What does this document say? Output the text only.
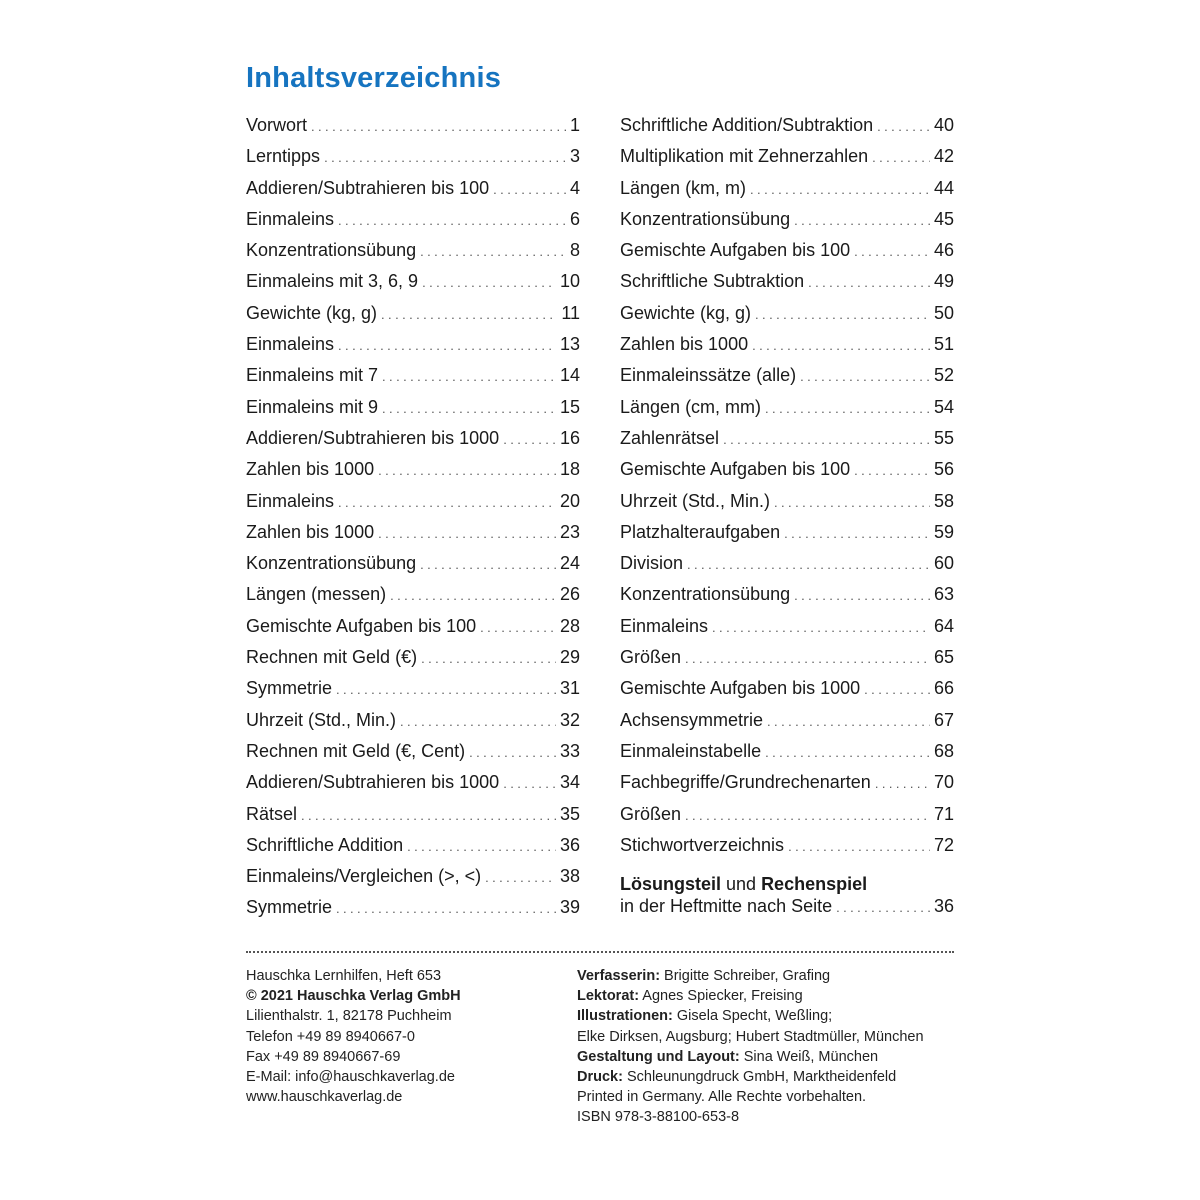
Inhaltsverzeichnis
Vorwort .....	1
Lerntipps .....	3
Addieren/Subtrahieren bis 100 .....	4
Einmaleins .....	6
Konzentrationsübung .....	8
Einmaleins mit 3, 6, 9 .....	10
Gewichte (kg, g) .....	11
Einmaleins .....	13
Einmaleins mit 7 .....	14
Einmaleins mit 9 .....	15
Addieren/Subtrahieren bis 1000 .....	16
Zahlen bis 1000 .....	18
Einmaleins .....	20
Zahlen bis 1000 .....	23
Konzentrationsübung .....	24
Längen (messen) .....	26
Gemischte Aufgaben bis 100 .....	28
Rechnen mit Geld (€) .....	29
Symmetrie .....	31
Uhrzeit (Std., Min.) .....	32
Rechnen mit Geld (€, Cent) .....	33
Addieren/Subtrahieren bis 1000 .....	34
Rätsel .....	35
Schriftliche Addition .....	36
Einmaleins/Vergleichen (>, <) .....	38
Symmetrie .....	39
Schriftliche Addition/Subtraktion .....	40
Multiplikation mit Zehnerzahlen .....	42
Längen (km, m) .....	44
Konzentrationsübung .....	45
Gemischte Aufgaben bis 100 .....	46
Schriftliche Subtraktion .....	49
Gewichte (kg, g) .....	50
Zahlen bis 1000 .....	51
Einmaleinssätze (alle) .....	52
Längen (cm, mm) .....	54
Zahlenrätsel .....	55
Gemischte Aufgaben bis 100 .....	56
Uhrzeit (Std., Min.) .....	58
Platzhalteraufgaben .....	59
Division .....	60
Konzentrationsübung .....	63
Einmaleins .....	64
Größen .....	65
Gemischte Aufgaben bis 1000 .....	66
Achsensymmetrie .....	67
Einmaleinstabelle .....	68
Fachbegriffe/Grundrechenarten .....	70
Größen .....	71
Stichwortverzeichnis .....	72
Lösungsteil und Rechenspiel
in der Heftmitte nach Seite .....	36
Hauschka Lernhilfen, Heft 653
© 2021 Hauschka Verlag GmbH
Lilienthalstr. 1, 82178 Puchheim
Telefon +49 89 8940667-0
Fax +49 89 8940667-69
E-Mail: info@hauschkaverlag.de
www.hauschkaverlag.de
Verfasserin: Brigitte Schreiber, Grafing
Lektorat: Agnes Spiecker, Freising
Illustrationen: Gisela Specht, Weßling;
Elke Dirksen, Augsburg; Hubert Stadtmüller, München
Gestaltung und Layout: Sina Weiß, München
Druck: Schleunungdruck GmbH, Marktheidenfeld
Printed in Germany. Alle Rechte vorbehalten.
ISBN 978-3-88100-653-8
